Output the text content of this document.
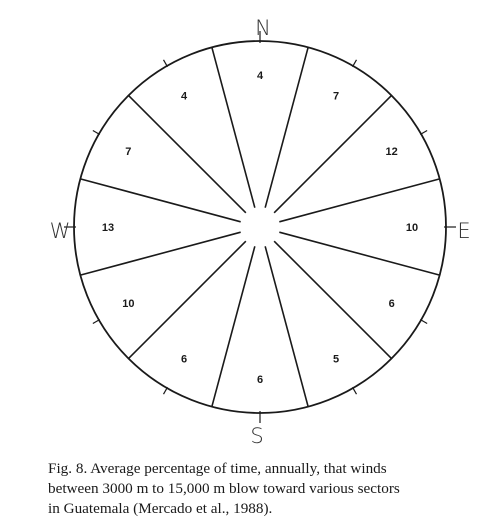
N
S
E
W
4
7
12
10
6
5
6
6
10
13
7
4

Fig. 8. Average percentage of time, annually, that winds
between 3000 m to 15,000 m blow toward various sectors
in Guatemala (Mercado et al., 1988).
